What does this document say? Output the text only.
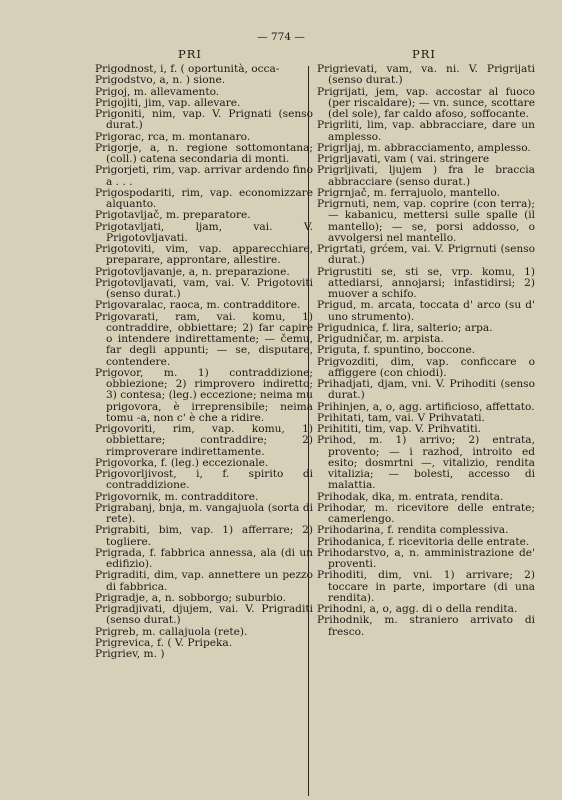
— 774 —
PRI	PRI

Prigodnost, i, f. ( oportunità, occa-

Prigodstvo, a, n. ) sione.

Prigoj, m. allevamento.

Prigojiti, jim, vap. allevare.

Prigoniti, nim, vap. V. Prignati (senso durat.)

Prigorac, rca, m. montanaro.

Prigorje, a, n. regione sottomontana; (coll.) catena secondaria di monti.

Prigorjeti, rim, vap. arrivar ardendo fino a . . .

Prigospodariti, rim, vap. economizzare alquanto.

Prigotavljač, m. preparatore.

Prigotavljati, ljam, vai. V. Prigotovljavati.

Prigotoviti, vim, vap. apparecchiare, preparare, approntare, allestire.

Prigotovljavanje, a, n. preparazione.

Prigotovljavati, vam, vai. V. Prigotoviti (senso durat.)

Prigovaralac, raoca, m. contradditore.

Prigovarati, ram, vai. komu, 1) contraddire, obbiettare; 2) far capire o intendere indirettamente; — čemu, far degli appunti; — se, disputare, contendere.

Prigovor, m. 1) contraddizione; obbiezione; 2) rimprovero indiretto; 3) contesa; (leg.) eccezione; neima mu prigovora, è irreprensibile; neima tomu -a, non c' è che a ridire.

Prigovoriti, rim, vap. komu, 1) obbiettare; contraddire; 2) rimproverare indirettamente.

Prigovorka, f. (leg.) eccezionale.

Prigovorljivost, i, f. spirito di contraddizione.

Prigovornik, m. contradditore.

Prigrabanj, bnja, m. vangajuola (sorta di rete).

Prigrabiti, bim, vap. 1) afferrare; 2) togliere.

Prigrada, f. fabbrica annessa, ala (di un edifizio).

Prigraditi, dim, vap. annettere un pezzo di fabbrica.

Prigradje, a, n. sobborgo; suburbio.

Prigradjivati, djujem, vai. V. Prigraditi (senso durat.)

Prigreb, m. callajuola (rete).

Prigrevica, f. ( V. Pripeka.

Prigriev, m. )

Prigrievati, vam, va. ni. V. Prigrijati (senso durat.)

Prigrijati, jem, vap. accostar al fuoco (per riscaldare); — vn. sunce, scottare (del sole), far caldo afoso, soffocante.

Prigrliti, lim, vap. abbracciare, dare un amplesso.

Prigrljaj, m. abbracciamento, amplesso.

Prigrljavati, vam ( vai. stringere

Prigrljivati, ljujem ) fra le braccia abbracciare (senso durat.)

Prigrnjač, m. ferrajuolo, mantello.

Prigrnuti, nem, vap. coprire (con terra); — kabanicu, mettersi sulle spalle (il mantello); — se, porsi addosso, o avvolgersi nel mantello.

Prigrtati, grćem, vai. V. Prigrnuti (senso durat.)

Prigrustiti se, sti se, vrp. komu, 1) attediarsi, annojarsi; infastidirsi; 2) muover a schifo.

Prigud, m. arcata, toccata d' arco (su d' uno strumento).

Prigudnica, f. lira, salterio; arpa.

Prigudničar, m. arpista.

Priguta, f. spuntino, boccone.

Prigvozditi, dim, vap. conficcare o affiggere (con chiodi).

Prihadjati, djam, vni. V. Prihoditi (senso durat.)

Prihinjen, a, o, agg. artificioso, affettato.

Prihitati, tam, vai. V Prihvatati.

Prihititi, tim, vap. V. Prihvatiti.

Prihod, m. 1) arrivo; 2) entrata, provento; — i razhod, introito ed esito; dosmrtni —, vitalizio, rendita vitalizia; — bolesti, accesso di malattia.

Prihodak, dka, m. entrata, rendita.

Prihodar, m. ricevitore delle entrate; camerlengo.

Prihodarina, f. rendita complessiva.

Prihodanica, f. ricevitoria delle entrate.

Prihodarstvo, a, n. amministrazione de' proventi.

Prihoditi, dim, vni. 1) arrivare; 2) toccare in parte, importare (di una rendita).

Prihodni, a, o, agg. di o della rendita.

Prihodnik, m. straniero arrivato di fresco.
